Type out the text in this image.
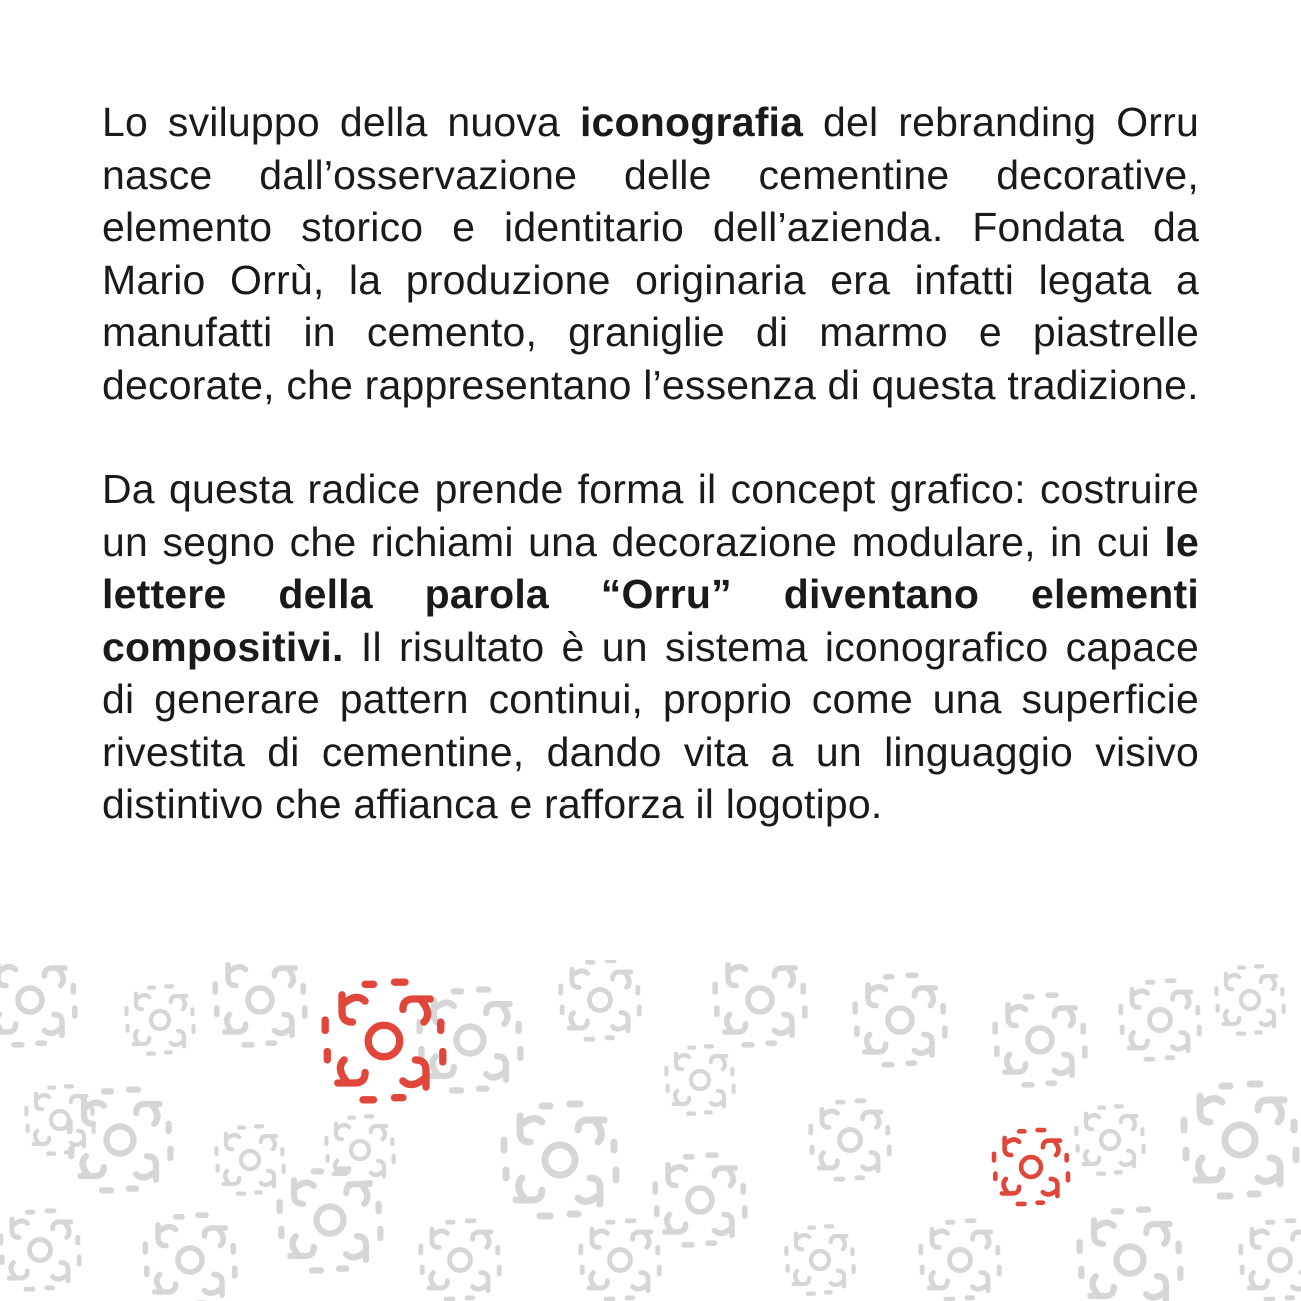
Lo sviluppo della nuova iconografia del rebranding Orru nasce dall’osservazione delle cementine decorative, elemento storico e identitario dell’azienda. Fondata da Mario Orrù, la produzione originaria era infatti legata a manufatti in cemento, graniglie di marmo e piastrelle decorate, che rappresentano l’essenza di questa tradizione.

Da questa radice prende forma il concept grafico: costruire un segno che richiami una decorazione modulare, in cui le lettere della parola “Orru” diventano elementi compositivi. Il risultato è un sistema iconografico capace di generare pattern continui, proprio come una superficie rivestita di cementine, dando vita a un linguaggio visivo distintivo che affianca e rafforza il logotipo.
